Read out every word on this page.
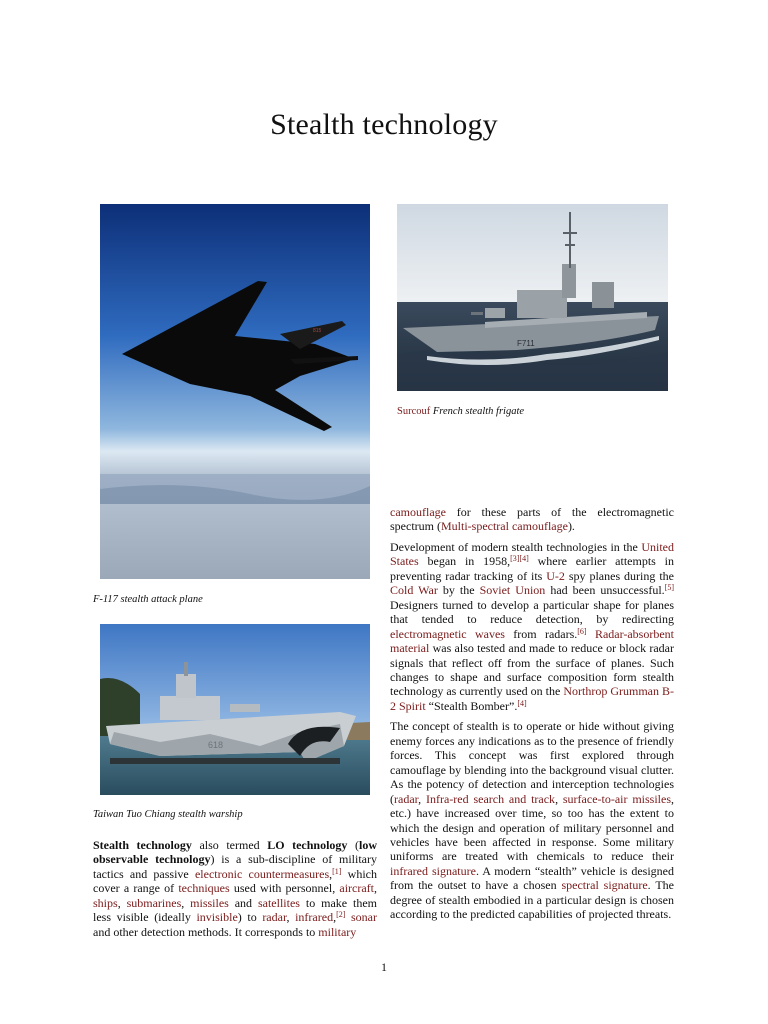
Stealth technology
815
F-117 stealth attack plane
F711
Surcouf French stealth frigate
618
Taiwan Tuo Chiang stealth warship

Stealth technology also termed LO technology (low observable technology) is a sub-discipline of military tactics and passive electronic countermeasures,[1] which cover a range of techniques used with personnel, aircraft, ships, submarines, missiles and satellites to make them less visible (ideally invisible) to radar, infrared,[2] sonar and other detection methods. It corresponds to military

camouflage for these parts of the electromagnetic spectrum (Multi-spectral camouflage).

Development of modern stealth technologies in the United States began in 1958,[3][4] where earlier attempts in preventing radar tracking of its U-2 spy planes during the Cold War by the Soviet Union had been unsuccessful.[5] Designers turned to develop a particular shape for planes that tended to reduce detection, by redirecting electromagnetic waves from radars.[6] Radar-absorbent material was also tested and made to reduce or block radar signals that reflect off from the surface of planes. Such changes to shape and surface composition form stealth technology as currently used on the Northrop Grumman B-2 Spirit “Stealth Bomber”.[4]

The concept of stealth is to operate or hide without giving enemy forces any indications as to the presence of friendly forces. This concept was first explored through camouflage by blending into the background visual clutter. As the potency of detection and interception technologies (radar, Infra-red search and track, surface-to-air missiles, etc.) have increased over time, so too has the extent to which the design and operation of military personnel and vehicles have been affected in response. Some military uniforms are treated with chemicals to reduce their infrared signature. A modern “stealth” vehicle is designed from the outset to have a chosen spectral signature. The degree of stealth embodied in a particular design is chosen according to the predicted capabilities of projected threats.

1
